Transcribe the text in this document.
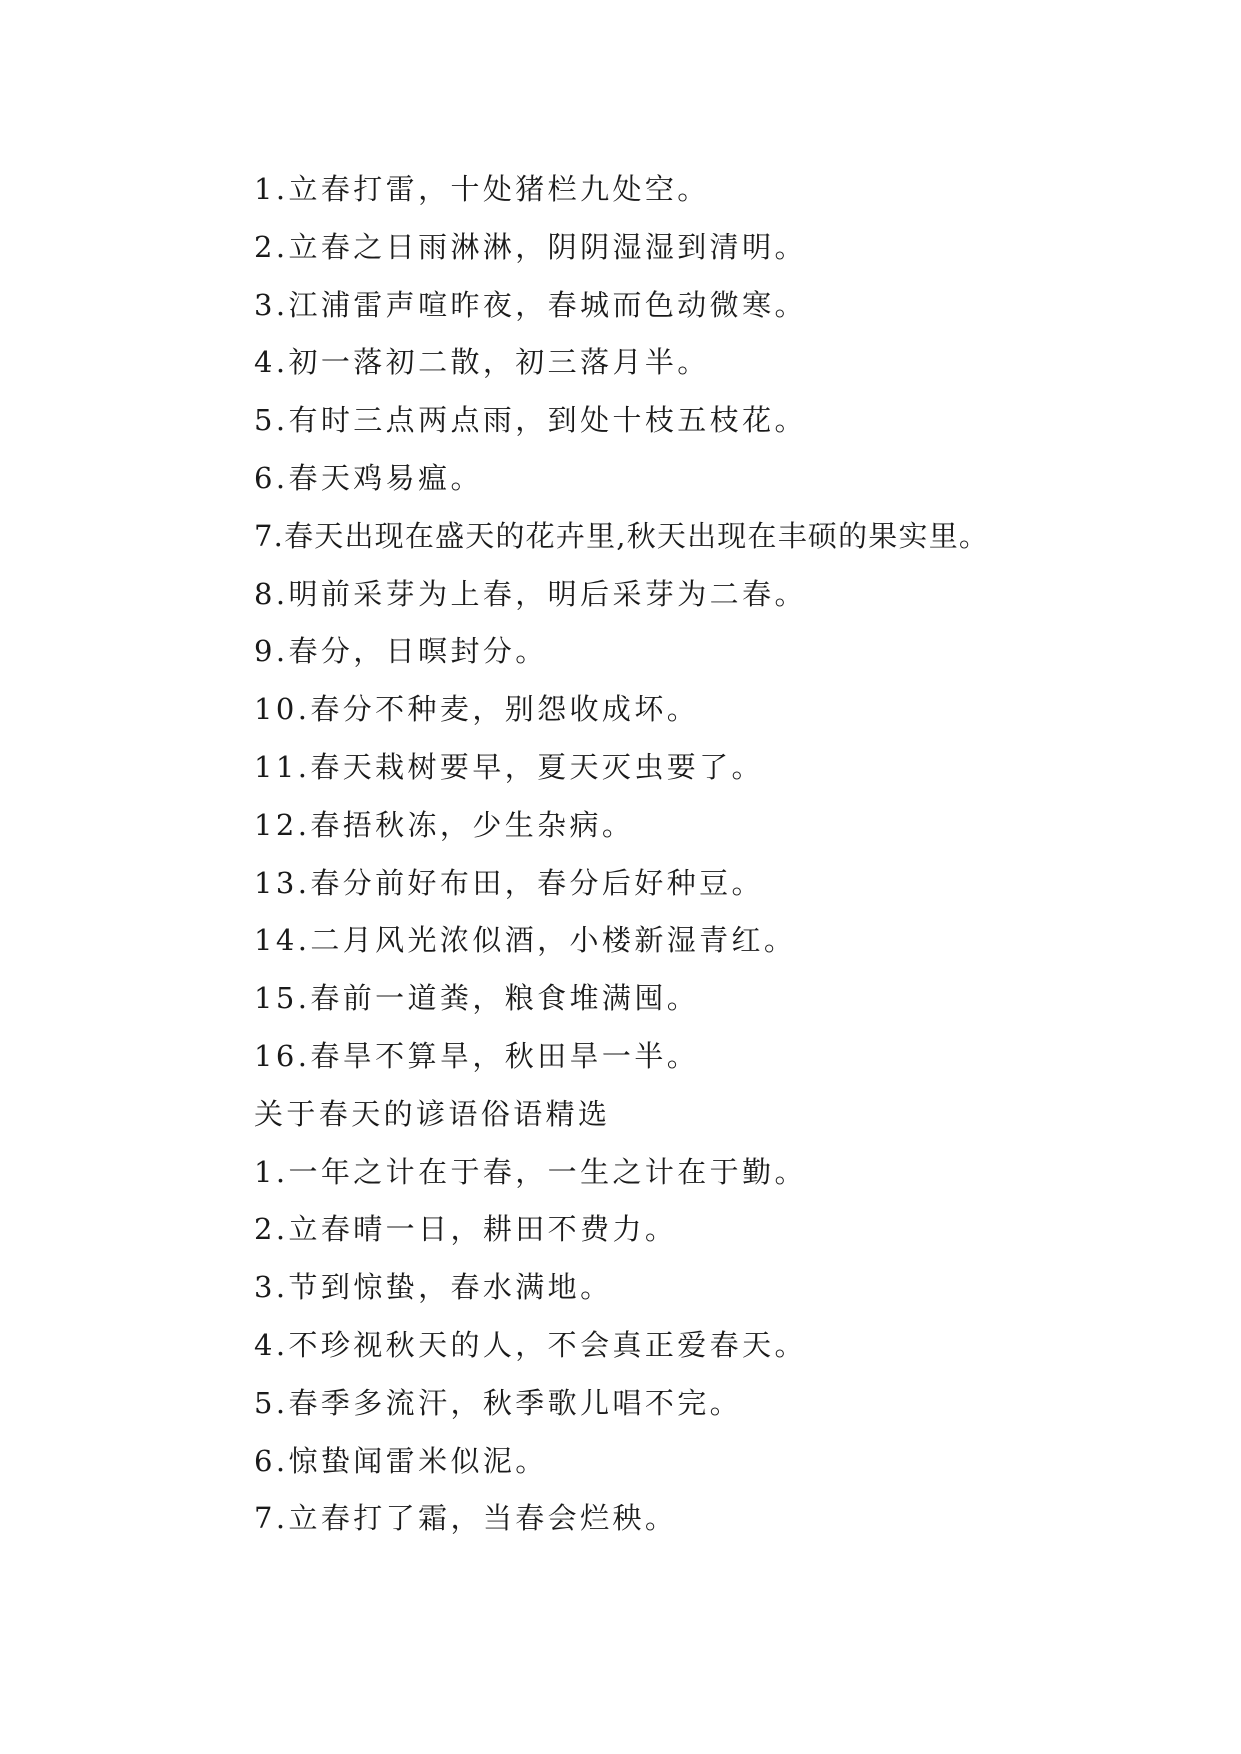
1.立春打雷，十处猪栏九处空。
2.立春之日雨淋淋，阴阴湿湿到清明。
3.江浦雷声喧昨夜，春城而色动微寒。
4.初一落初二散，初三落月半。
5.有时三点两点雨，到处十枝五枝花。
6.春天鸡易瘟。
7.春天出现在盛天的花卉里,秋天出现在丰硕的果实里。
8.明前采芽为上春，明后采芽为二春。
9.春分，日暝封分。
10.春分不种麦，别怨收成坏。
11.春天栽树要早，夏天灭虫要了。
12.春捂秋冻，少生杂病。
13.春分前好布田，春分后好种豆。
14.二月风光浓似酒，小楼新湿青红。
15.春前一道粪，粮食堆满囤。
16.春旱不算旱，秋田旱一半。
关于春天的谚语俗语精选
1.一年之计在于春，一生之计在于勤。
2.立春晴一日，耕田不费力。
3.节到惊蛰，春水满地。
4.不珍视秋天的人，不会真正爱春天。
5.春季多流汗，秋季歌儿唱不完。
6.惊蛰闻雷米似泥。
7.立春打了霜，当春会烂秧。
